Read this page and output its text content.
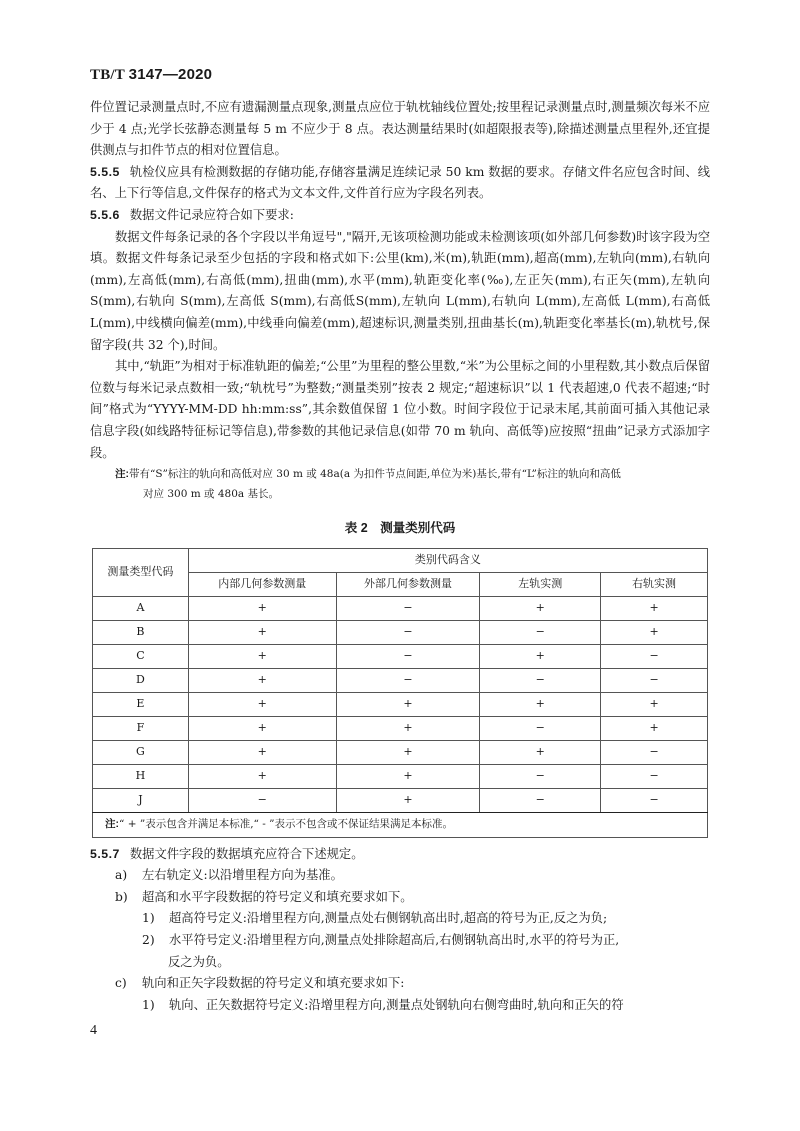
TB/T 3147—2020

件位置记录测量点时,不应有遗漏测量点现象,测量点应位于轨枕轴线位置处;按里程记录测量点时,测量频次每米不应少于 4 点;光学长弦静态测量每 5 m 不应少于 8 点。表达测量结果时(如超限报表等),除描述测量点里程外,还宜提供测点与扣件节点的相对位置信息。

5.5.5 轨检仪应具有检测数据的存储功能,存储容量满足连续记录 50 km 数据的要求。存储文件名应包含时间、线名、上下行等信息,文件保存的格式为文本文件,文件首行应为字段名列表。

5.5.6 数据文件记录应符合如下要求:

数据文件每条记录的各个字段以半角逗号","隔开,无该项检测功能或未检测该项(如外部几何参数)时该字段为空填。数据文件每条记录至少包括的字段和格式如下:公里(km),米(m),轨距(mm),超高(mm),左轨向(mm),右轨向(mm),左高低(mm),右高低(mm),扭曲(mm),水平(mm),轨距变化率(‰),左正矢(mm),右正矢(mm),左轨向 S(mm),右轨向 S(mm),左高低 S(mm),右高低S(mm),左轨向 L(mm),右轨向 L(mm),左高低 L(mm),右高低 L(mm),中线横向偏差(mm),中线垂向偏差(mm),超速标识,测量类别,扭曲基长(m),轨距变化率基长(m),轨枕号,保留字段(共 32 个),时间。

其中,“轨距”为相对于标准轨距的偏差;“公里”为里程的整公里数,“米”为公里标之间的小里程数,其小数点后保留位数与每米记录点数相一致;“轨枕号”为整数;“测量类别”按表 2 规定;“超速标识”以 1 代表超速,0 代表不超速;“时间”格式为“YYYY-MM-DD hh:mm:ss”,其余数值保留 1 位小数。时间字段位于记录末尾,其前面可插入其他记录信息字段(如线路特征标记等信息),带参数的其他记录信息(如带 70 m 轨向、高低等)应按照“扭曲”记录方式添加字段。

注:带有“S”标注的轨向和高低对应 30 m 或 48a(a 为扣件节点间距,单位为米)基长,带有“L”标注的轨向和高低
对应 300 m 或 480a 基长。

表 2　测量类别代码
测量类型代码	类别代码含义			
	内部几何参数测量	外部几何参数测量	左轨实测	右轨实测
A	+	−	+	+
B	+	−	−	+
C	+	−	+	−
D	+	−	−	−
E	+	+	+	+
F	+	+	−	+
G	+	+	+	−
H	+	+	−	−
J	−	+	−	−
注:“ + ”表示包含并满足本标准,“ - ”表示不包含或不保证结果满足本标准。				

5.5.7 数据文件字段的数据填充应符合下述规定。

a) 左右轨定义:以沿增里程方向为基准。

b) 超高和水平字段数据的符号定义和填充要求如下。

1) 超高符号定义:沿增里程方向,测量点处右侧钢轨高出时,超高的符号为正,反之为负;

2) 水平符号定义:沿增里程方向,测量点处排除超高后,右侧钢轨高出时,水平的符号为正,

反之为负。

c) 轨向和正矢字段数据的符号定义和填充要求如下:

1) 轨向、正矢数据符号定义:沿增里程方向,测量点处钢轨向右侧弯曲时,轨向和正矢的符

4
